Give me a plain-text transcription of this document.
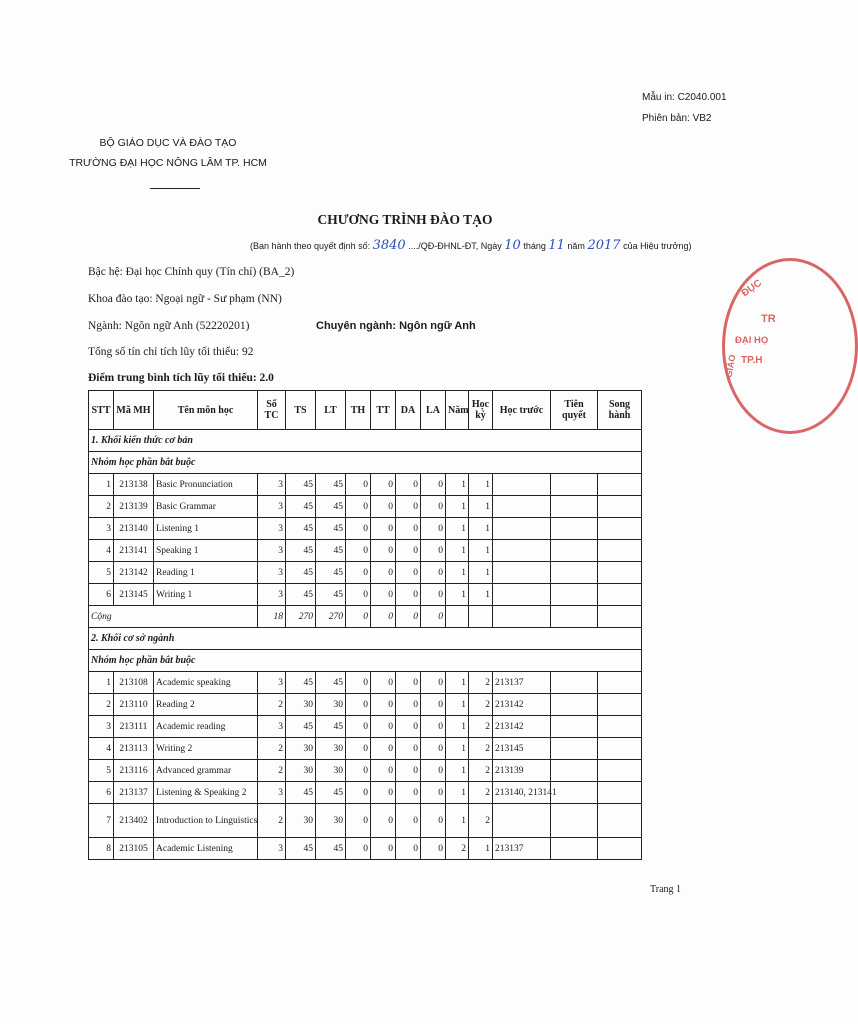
Mẫu in: C2040.001
Phiên bản: VB2
BỘ GIÁO DỤC VÀ ĐÀO TẠO
TRƯỜNG ĐẠI HỌC NÔNG LÂM TP. HCM
CHƯƠNG TRÌNH ĐÀO TẠO
(Ban hành theo quyết định số: 3840 ..../QĐ-ĐHNL-ĐT, Ngày 10 tháng 11 năm 2017 của Hiệu trưởng)
Bậc hệ: Đại học Chính quy (Tín chỉ) (BA_2)
Khoa đào tạo: Ngoại ngữ - Sư phạm (NN)
Ngành: Ngôn ngữ Anh (52220201)	Chuyên ngành: Ngôn ngữ Anh
Tổng số tín chỉ tích lũy tối thiểu: 92
Điểm trung bình tích lũy tối thiểu: 2.0
ĐỤC
TR
ĐẠI HỌ
TP.H
GIÁO
STT	Mã MH	Tên môn học	Số TC	TS	LT	TH	TT	DA	LA	Năm	Học kỳ	Học trước	Tiên quyết	Song hành
1. Khối kiến thức cơ bản														
Nhóm học phần bắt buộc														
1	213138	Basic Pronunciation	3	45	45	0	0	0	0	1	1			
2	213139	Basic Grammar	3	45	45	0	0	0	0	1	1			
3	213140	Listening 1	3	45	45	0	0	0	0	1	1			
4	213141	Speaking 1	3	45	45	0	0	0	0	1	1			
5	213142	Reading 1	3	45	45	0	0	0	0	1	1			
6	213145	Writing 1	3	45	45	0	0	0	0	1	1			
Cộng			18	270	270	0	0	0	0					
2. Khối cơ sở ngành														
Nhóm học phần bắt buộc														
1	213108	Academic speaking	3	45	45	0	0	0	0	1	2	213137		
2	213110	Reading 2	2	30	30	0	0	0	0	1	2	213142		
3	213111	Academic reading	3	45	45	0	0	0	0	1	2	213142		
4	213113	Writing 2	2	30	30	0	0	0	0	1	2	213145		
5	213116	Advanced grammar	2	30	30	0	0	0	0	1	2	213139		
6	213137	Listening & Speaking 2	3	45	45	0	0	0	0	1	2	213140, 213141		
7	213402	Introduction to Linguistics	2	30	30	0	0	0	0	1	2			
8	213105	Academic Listening	3	45	45	0	0	0	0	2	1	213137		
Trang 1
